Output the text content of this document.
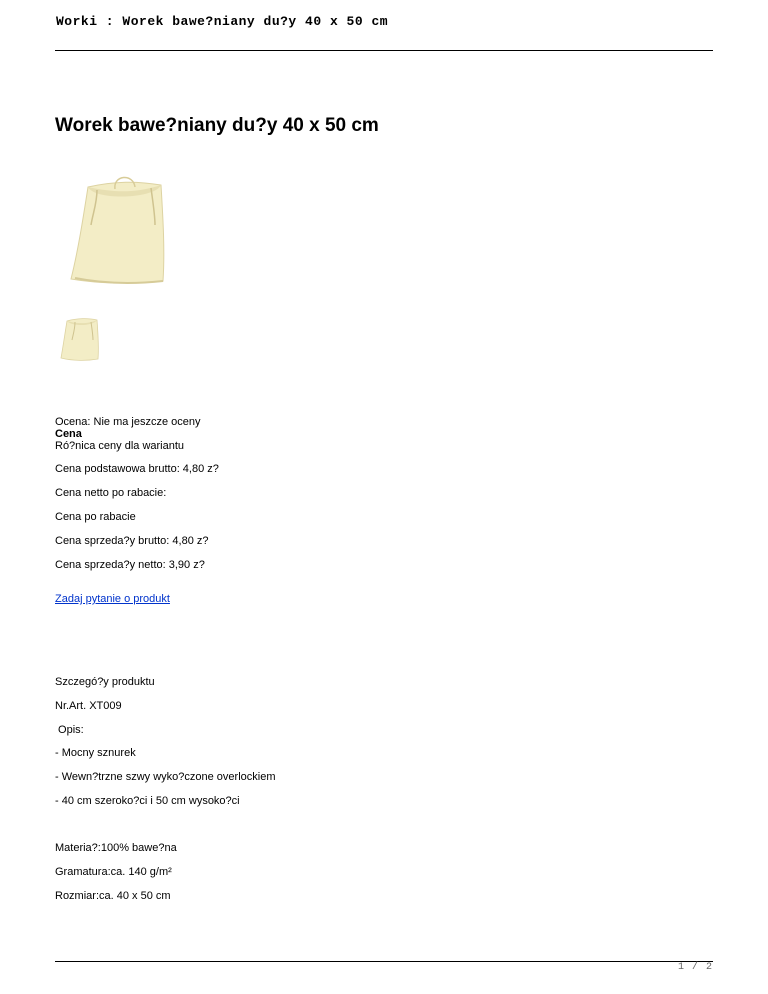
Worki : Worek bawe?niany du?y 40 x 50 cm
Worek bawe?niany du?y 40 x 50 cm
Ocena: Nie ma jeszcze oceny
Cena
Ró?nica ceny dla wariantu
Cena podstawowa brutto: 4,80 z?
Cena netto po rabacie:
Cena po rabacie
Cena sprzeda?y brutto: 4,80 z?
Cena sprzeda?y netto: 3,90 z?
Zadaj pytanie o produkt
Szczegó?y produktu
Nr.Art. XT009
Opis:
- Mocny sznurek
- Wewn?trzne szwy wyko?czone overlockiem
- 40 cm szeroko?ci i 50 cm wysoko?ci
Materia?:100% bawe?na
Gramatura:ca. 140 g/m²
Rozmiar:ca. 40 x 50 cm
1 / 2
